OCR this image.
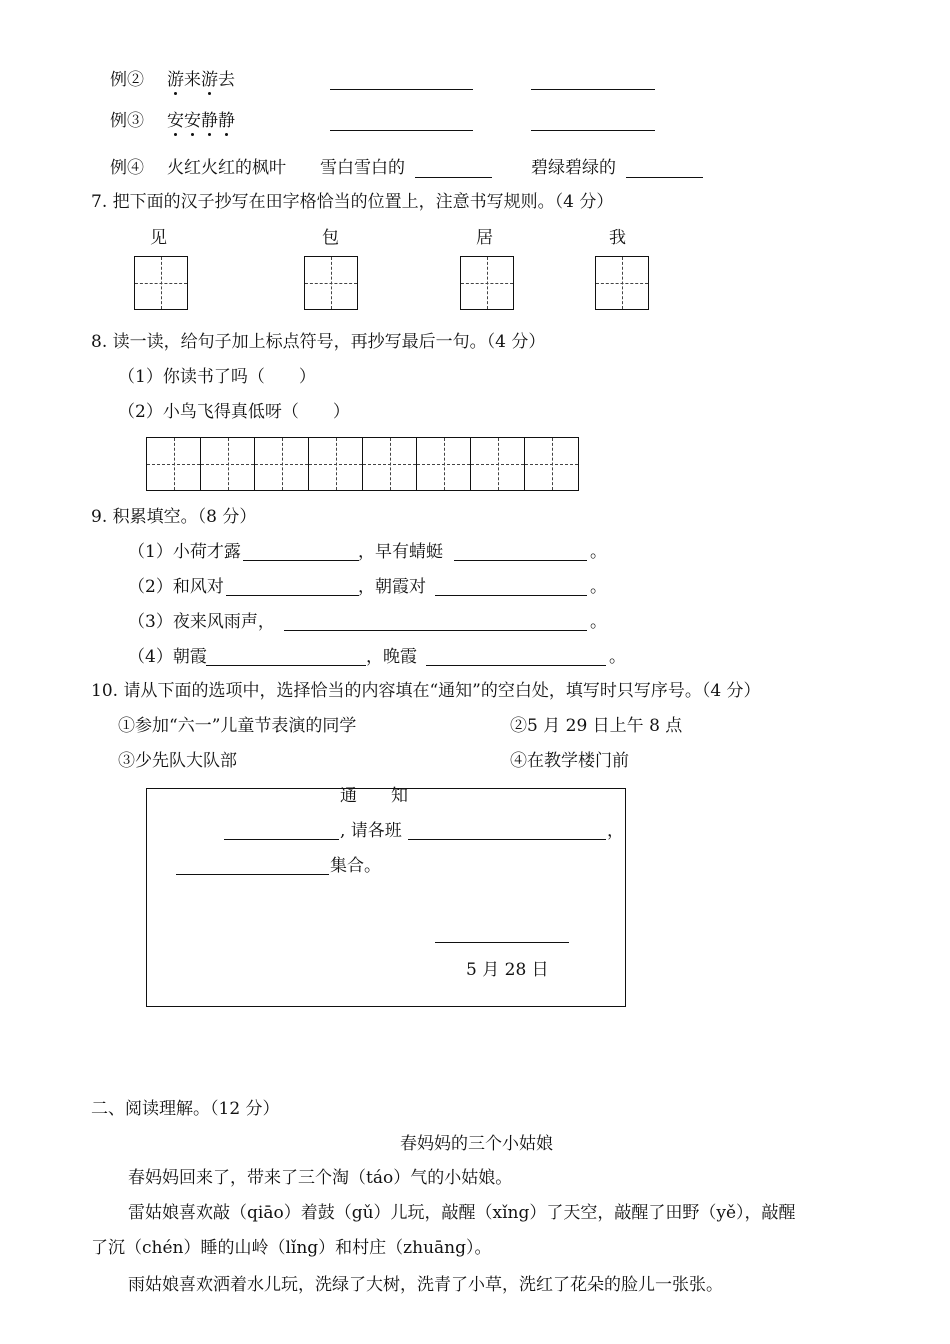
例② 游来游去
例③ 安安静静
例④ 火红火红的枫叶 雪白雪白的	碧绿碧绿的
7. 把下面的汉子抄写在田字格恰当的位置上，注意书写规则。（4 分）
见	包	居	我
8. 读一读，给句子加上标点符号，再抄写最后一句。（4 分）
（1）你读书了吗（　　）
（2）小鸟飞得真低呀（　　）
9. 积累填空。（8 分）
（1）小荷才露	，早有蜻蜓	。
（2）和风对	，朝霞对	。
（3）夜来风雨声，	。
（4）朝霞	，晚霞	。
10. 请从下面的选项中，选择恰当的内容填在“通知”的空白处，填写时只写序号。（4 分）
①参加“六一”儿童节表演的同学	②5 月 29 日上午 8 点
③少先队大队部	④在教学楼门前
通　　知
, 请各班	，
集合。
5 月 28 日
二、阅读理解。（12 分）
春妈妈的三个小姑娘
春妈妈回来了，带来了三个淘（táo）气的小姑娘。
雷姑娘喜欢敲（qiāo）着鼓（gǔ）儿玩，敲醒（xǐng）了天空，敲醒了田野（yě），敲醒
了沉（chén）睡的山岭（lǐng）和村庄（zhuāng）。
雨姑娘喜欢洒着水儿玩，洗绿了大树，洗青了小草，洗红了花朵的脸儿一张张。
